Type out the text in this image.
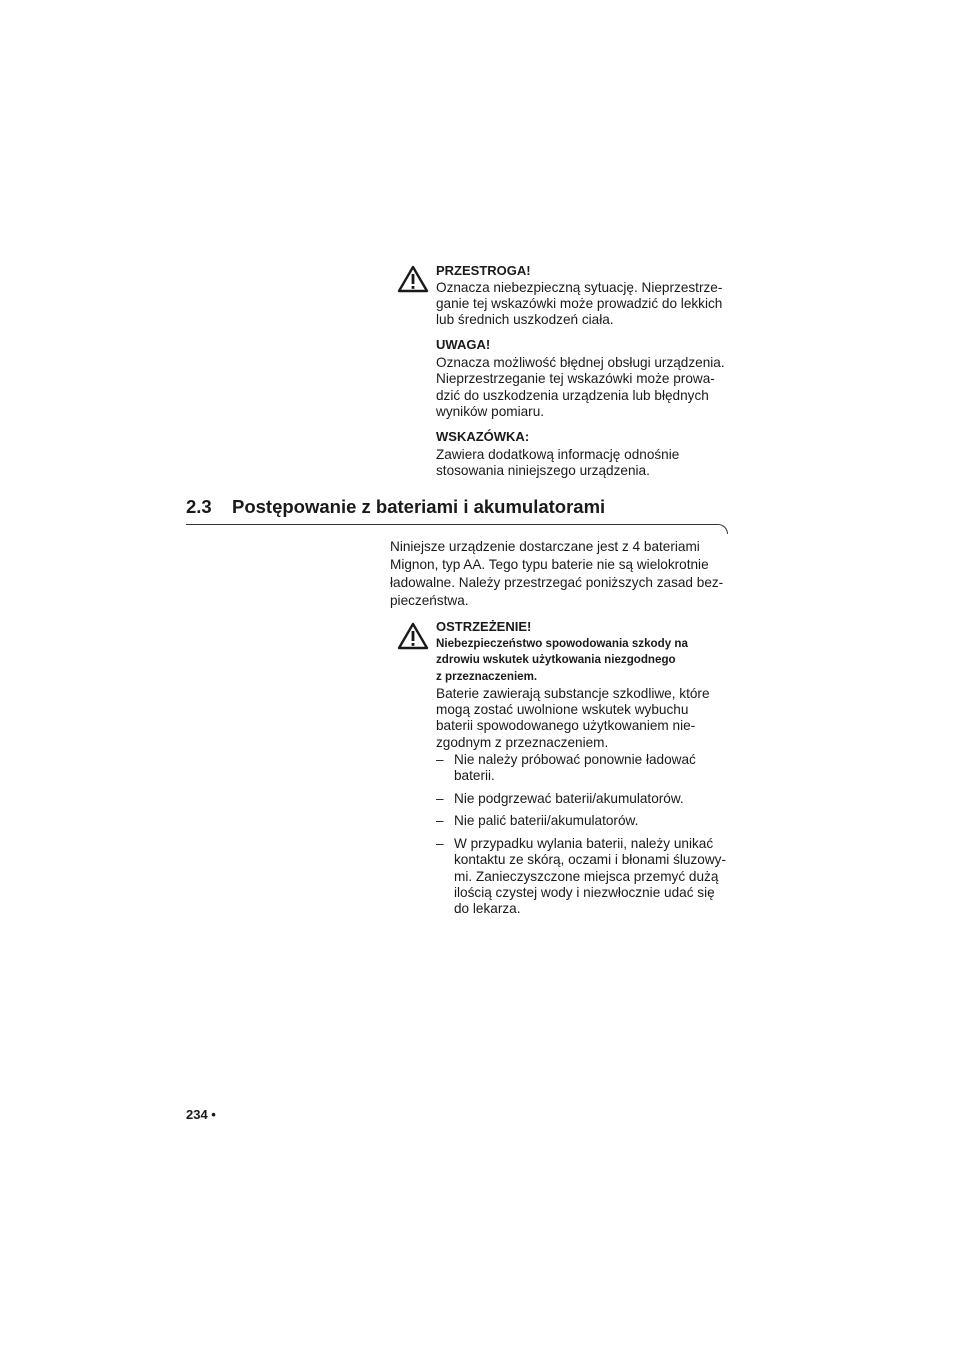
PRZESTROGA!

Oznacza niebezpieczną sytuację. Nieprzestrze-
ganie tej wskazówki może prowadzić do lekkich
lub średnich uszkodzeń ciała.

UWAGA!

Oznacza możliwość błędnej obsługi urządzenia.
Nieprzestrzeganie tej wskazówki może prowa-
dzić do uszkodzenia urządzenia lub błędnych
wyników pomiaru.

WSKAZÓWKA:

Zawiera dodatkową informację odnośnie
stosowania niniejszego urządzenia.

2.3 Postępowanie z bateriami i akumulatorami

Niniejsze urządzenie dostarczane jest z 4 bateriami
Mignon, typ AA. Tego typu baterie nie są wielokrotnie
ładowalne. Należy przestrzegać poniższych zasad bez-
pieczeństwa.

OSTRZEŻENIE!

Niebezpieczeństwo spowodowania szkody na
zdrowiu wskutek użytkowania niezgodnego
z przeznaczeniem.

Baterie zawierają substancje szkodliwe, które
mogą zostać uwolnione wskutek wybuchu
baterii spowodowanego użytkowaniem nie-
zgodnym z przeznaczeniem.

– Nie należy próbować ponownie ładować
baterii.
– Nie podgrzewać baterii/akumulatorów.
– Nie palić baterii/akumulatorów.
– W przypadku wylania baterii, należy unikać
kontaktu ze skórą, oczami i błonami śluzowy-
mi. Zanieczyszczone miejsca przemyć dużą
ilością czystej wody i niezwłocznie udać się
do lekarza.
234 •
